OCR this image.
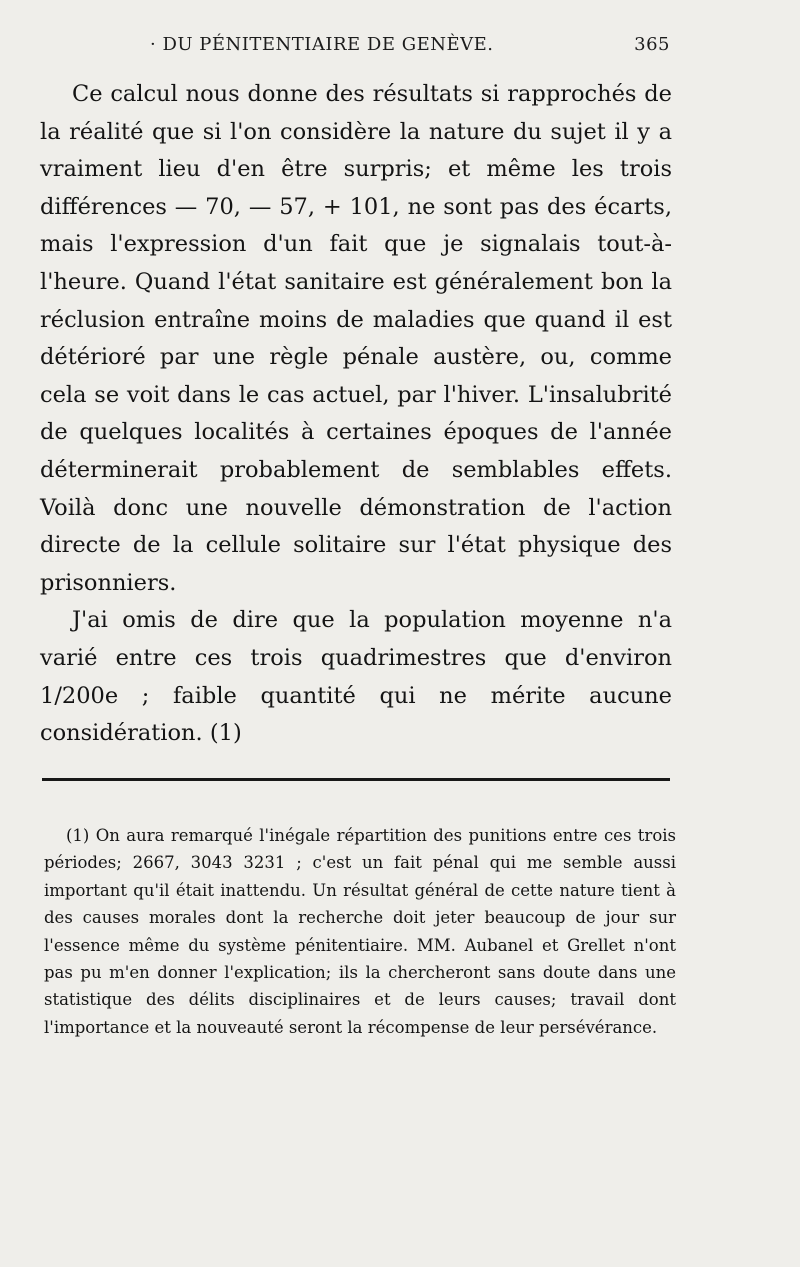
· DU PÉNITENTIAIRE DE GENÈVE.	365

Ce calcul nous donne des résultats si rapprochés de la réalité que si l'on considère la nature du sujet il y a vraiment lieu d'en être surpris; et même les trois différences — 70, — 57, + 101, ne sont pas des écarts, mais l'expression d'un fait que je signalais tout-à-l'heure. Quand l'état sanitaire est généralement bon la réclusion entraîne moins de maladies que quand il est détérioré par une règle pénale austère, ou, comme cela se voit dans le cas actuel, par l'hiver. L'insalubrité de quelques localités à certaines époques de l'année déterminerait probablement de semblables effets. Voilà donc une nouvelle démonstration de l'action directe de la cellule solitaire sur l'état physique des prisonniers.

J'ai omis de dire que la population moyenne n'a varié entre ces trois quadrimestres que d'environ 1/200e ; faible quantité qui ne mérite aucune considération. (1)

(1) On aura remarqué l'inégale répartition des punitions entre ces trois périodes; 2667, 3043 3231 ; c'est un fait pénal qui me semble aussi important qu'il était inattendu. Un résultat général de cette nature tient à des causes morales dont la recherche doit jeter beaucoup de jour sur l'essence même du système pénitentiaire. MM. Aubanel et Grellet n'ont pas pu m'en donner l'explication; ils la chercheront sans doute dans une statistique des délits disciplinaires et de leurs causes; travail dont l'importance et la nouveauté seront la récompense de leur persévérance.
